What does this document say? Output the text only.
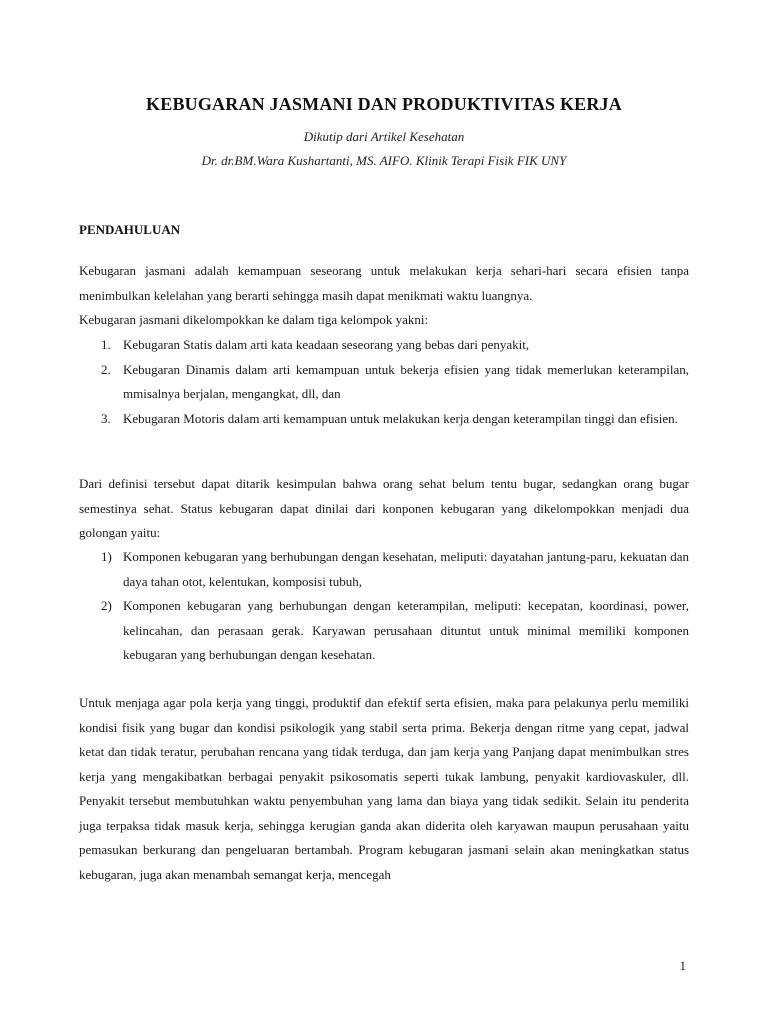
KEBUGARAN JASMANI DAN PRODUKTIVITAS KERJA
Dikutip dari Artikel Kesehatan
Dr. dr.BM.Wara Kushartanti, MS. AIFO. Klinik Terapi Fisik FIK UNY
PENDAHULUAN
Kebugaran jasmani adalah kemampuan seseorang untuk melakukan kerja sehari-hari secara efisien tanpa menimbulkan kelelahan yang berarti sehingga masih dapat menikmati waktu luangnya.
Kebugaran jasmani dikelompokkan ke dalam tiga kelompok yakni:
1. Kebugaran Statis dalam arti kata keadaan seseorang yang bebas dari penyakit,
2. Kebugaran Dinamis dalam arti kemampuan untuk bekerja efisien yang tidak memerlukan keterampilan, mmisalnya berjalan, mengangkat, dll, dan
3. Kebugaran Motoris dalam arti kemampuan untuk melakukan kerja dengan keterampilan tinggi dan efisien.
Dari definisi tersebut dapat ditarik kesimpulan bahwa orang sehat belum tentu bugar, sedangkan orang bugar semestinya sehat. Status kebugaran dapat dinilai dari konponen kebugaran yang dikelompokkan menjadi dua golongan yaitu:
1) Komponen kebugaran yang berhubungan dengan kesehatan, meliputi: dayatahan jantung-paru, kekuatan dan daya tahan otot, kelentukan, komposisi tubuh,
2) Komponen kebugaran yang berhubungan dengan keterampilan, meliputi: kecepatan, koordinasi, power, kelincahan, dan perasaan gerak. Karyawan perusahaan dituntut untuk minimal memiliki komponen kebugaran yang berhubungan dengan kesehatan.
Untuk menjaga agar pola kerja yang tinggi, produktif dan efektif serta efisien, maka para pelakunya perlu memiliki kondisi fisik yang bugar dan kondisi psikologik yang stabil serta prima. Bekerja dengan ritme yang cepat, jadwal ketat dan tidak teratur, perubahan rencana yang tidak terduga, dan jam kerja yang Panjang dapat menimbulkan stres kerja yang mengakibatkan berbagai penyakit psikosomatis seperti tukak lambung, penyakit kardiovaskuler, dll. Penyakit tersebut membutuhkan waktu penyembuhan yang lama dan biaya yang tidak sedikit. Selain itu penderita juga terpaksa tidak masuk kerja, sehingga kerugian ganda akan diderita oleh karyawan maupun perusahaan yaitu pemasukan berkurang dan pengeluaran bertambah. Program kebugaran jasmani selain akan meningkatkan status kebugaran, juga akan menambah semangat kerja, mencegah
1
